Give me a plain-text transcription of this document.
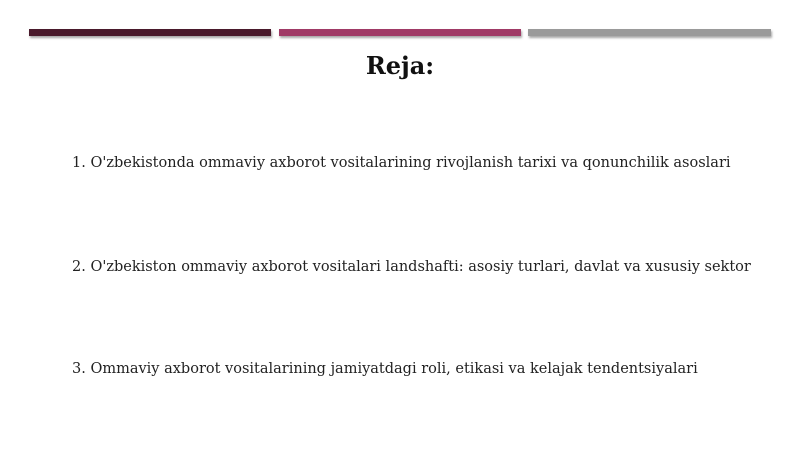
Reja:
1. O'zbekistonda ommaviy axborot vositalarining rivojlanish tarixi va qonunchilik asoslari
2. O'zbekiston ommaviy axborot vositalari landshafti: asosiy turlari, davlat va xususiy sektor
3. Ommaviy axborot vositalarining jamiyatdagi roli, etikasi va kelajak tendentsiyalari
